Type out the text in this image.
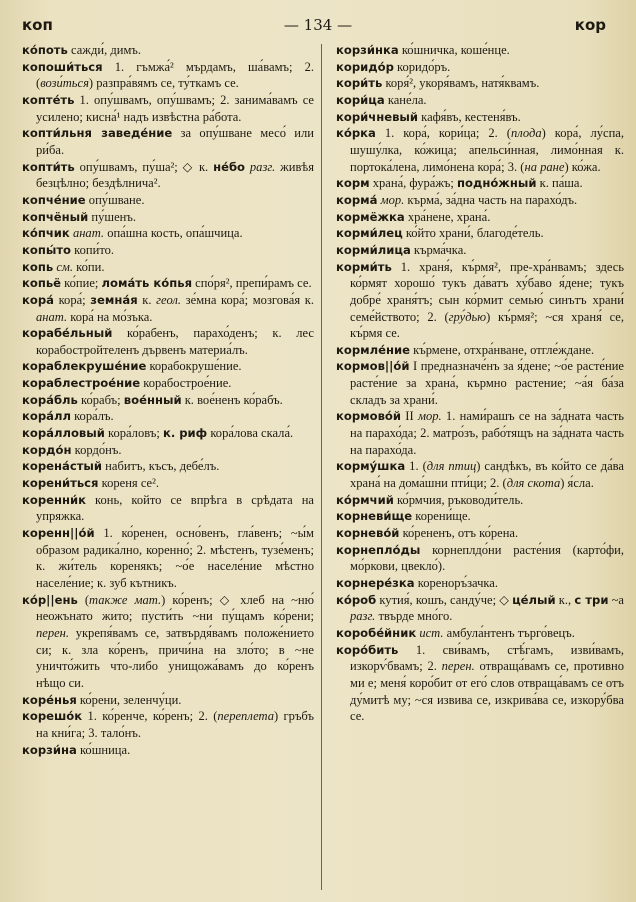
коп	— 134 —	кор

ко́поть сажди́, димъ.

копоши́ться 1. гъмжа́² мърдамъ, ша́вамъ; 2. (вози́ться) разпра́вямъ се, ту́ткамъ се.

копте́ть 1. опу́швамъ, опу́швамъ; 2. занима́вамъ се усилено; кисна́¹ надъ извѣстна ра́бота.

копти́льня заведе́ние за опу́шване месо́ или ри́ба.

копти́ть опу́швамъ, пу́ша²; ◇ к. не́бо разг. живѣя безцѣлно; бездѣлнича².

копче́ние опу́шване.

копчёный пу́шенъ.

ко́пчик анат. опа́шна кость, опа́шчица.

копы́то копи́то.

копь см. ко́пи.

копьё ко́пие; лома́ть ко́пья спо́ря², препи́рамъ се.

кора́ кора́; земна́я к. геол. зе́мна кора́; мозгова́я к. анат. кора́ на мо́зъка.

корабе́льный ко́рабенъ, парахо́денъ; к. лес корабостройтеленъ дървенъ материа́лъ.

кораблекруше́ние корабокруше́ние.

кораблестрое́ние корабострое́ние.

кора́бль ко́рабъ; вое́нный к. вое́ненъ ко́рабъ.

кора́лл кора́лъ.

кора́лловый кора́ловъ; к. риф кора́лова скала́.

кордо́н кордо́нъ.

корена́стый набитъ, късъ, дебе́лъ.

корени́ться кореня се².

коренни́к конь, който се впрѣга в срѣдата на упряжка.

коренн||о́й 1. ко́ренен, осно́венъ, гла́венъ; ~ы́м образом радика́лно, коренно́; 2. мѣстенъ, тузе́менъ; к. жи́тель коренякъ; ~о́е населе́ние мѣстно населе́ние; к. зуб кътникъ.

ко́р||ень (также мат.) ко́ренъ; ◇ хлеб на ~ню́ неожънато жито; пусти́ть ~ни пу́щамъ ко́рени; перен. укрепя́вамъ се, затвърдя́вамъ положе́нието си; к. зла ко́ренъ, причи́на на зло́то; в ~не уничто́жить что-либо унищожа́вамъ до ко́ренъ нѣщо си.

коре́нья ко́рени, зеленчу́ци.

корешо́к 1. ко́ренче, ко́ренъ; 2. (переплета) гръбъ на кни́га; 3. тало́нъ.

корзи́на ко́шница.

корзи́нка ко́шничка, коше́нце.

коридо́р коридо́ръ.

кори́ть коря́², укоря́вамъ, натя́квамъ.

кори́ца кане́ла.

кори́чневый кафя́въ, кестеня́въ.

ко́рка 1. кора́, кори́ца; 2. (плода) кора́, лу́спа, шушу́лка, ко́жица; апельси́нная, лимо́нная к. портока́лена, лимо́нена кора́; 3. (на ране) ко́жа.

корм храна́, фура́жъ; подно́жный к. па́ша.

корма́ мор. кърма́, за́дна часть на парахо́дъ.

кормёжка хра́нене, храна́.

корми́лец ко́йто храни́, благоде́тель.

корми́лица кърма́чка.

корми́ть 1. храня́, къ́рмя², пре-хра́нвамъ; здесь ко́рмят хорошо́ тукъ да́ватъ ху́баво я́дене; тукъ добре́ храня́тъ; сын ко́рмит семью́ синътъ храни́ семе́йството; 2. (гру́дью) къ́рмя²; ~ся храня́ се, къ́рмя се.

кормле́ние къ́рмене, отхра́нване, отгле́ждане.

кормов||о́й I предназначе́нъ за я́дене; ~о́е расте́ние расте́ние за храна́, кърмно растение; ~а́я ба́за складъ за храни́.

кормово́й II мор. 1. нами́рашъ се на за́дната часть на парахо́да; 2. матро́зъ, рабо́тящъ на за́дната часть на парахо́да.

корму́шка 1. (для птиц) сандѣкъ, въ ко́йто се да́ва храна́ на дома́шни пти́ци; 2. (для скота) я́сла.

ко́рмчий ко́рмчия, ръководи́тель.

корневи́ще корени́ще.

корнево́й ко́рененъ, отъ ко́рена.

корнепло́ды корнеплдо́ни расте́ния (карто́фи, мо́ркови, цвекло́).

корнеpе́зка кореноръ́зачка.

ко́роб кутия́, кошъ, санду́че; ◇ це́лый к., с три ~а разг. твърде мно́го.

коробе́йник ист. амбула́нтенъ търго́вецъ.

коро́бить 1. сви́вамъ, стѣ́гамъ, изви́вамъ, изкорѵ́бвамъ; 2. перен. отвраща́вамъ се, противно ми е; меня́ коро́бит от его́ слов отвраща́вамъ се отъ ду́митѣ му; ~ся извива се, изкрива́ва се, изкору́бва се.
